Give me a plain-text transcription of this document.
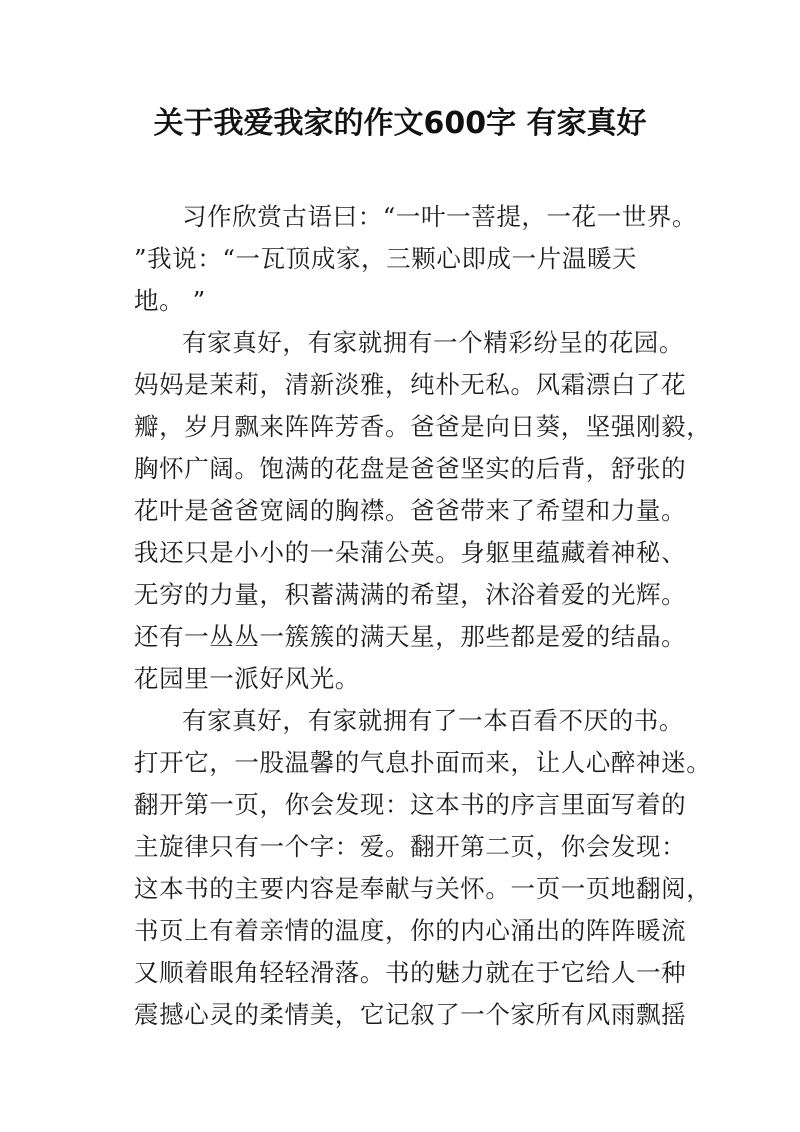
关于我爱我家的作文600字 有家真好
习作欣赏古语曰：“一叶一菩提，一花一世界。
”我说：“一瓦顶成家，三颗心即成一片温暖天
地。 ”
有家真好，有家就拥有一个精彩纷呈的花园。
妈妈是茉莉，清新淡雅，纯朴无私。风霜漂白了花
瓣，岁月飘来阵阵芳香。爸爸是向日葵，坚强刚毅，
胸怀广阔。饱满的花盘是爸爸坚实的后背，舒张的
花叶是爸爸宽阔的胸襟。爸爸带来了希望和力量。
我还只是小小的一朵蒲公英。身躯里蕴藏着神秘、
无穷的力量，积蓄满满的希望，沐浴着爱的光辉。
还有一丛丛一簇簇的满天星，那些都是爱的结晶。
花园里一派好风光。
有家真好，有家就拥有了一本百看不厌的书。
打开它，一股温馨的气息扑面而来，让人心醉神迷。
翻开第一页，你会发现：这本书的序言里面写着的
主旋律只有一个字：爱。翻开第二页，你会发现：
这本书的主要内容是奉献与关怀。一页一页地翻阅，
书页上有着亲情的温度，你的内心涌出的阵阵暖流
又顺着眼角轻轻滑落。书的魅力就在于它给人一种
震撼心灵的柔情美，它记叙了一个家所有风雨飘摇
